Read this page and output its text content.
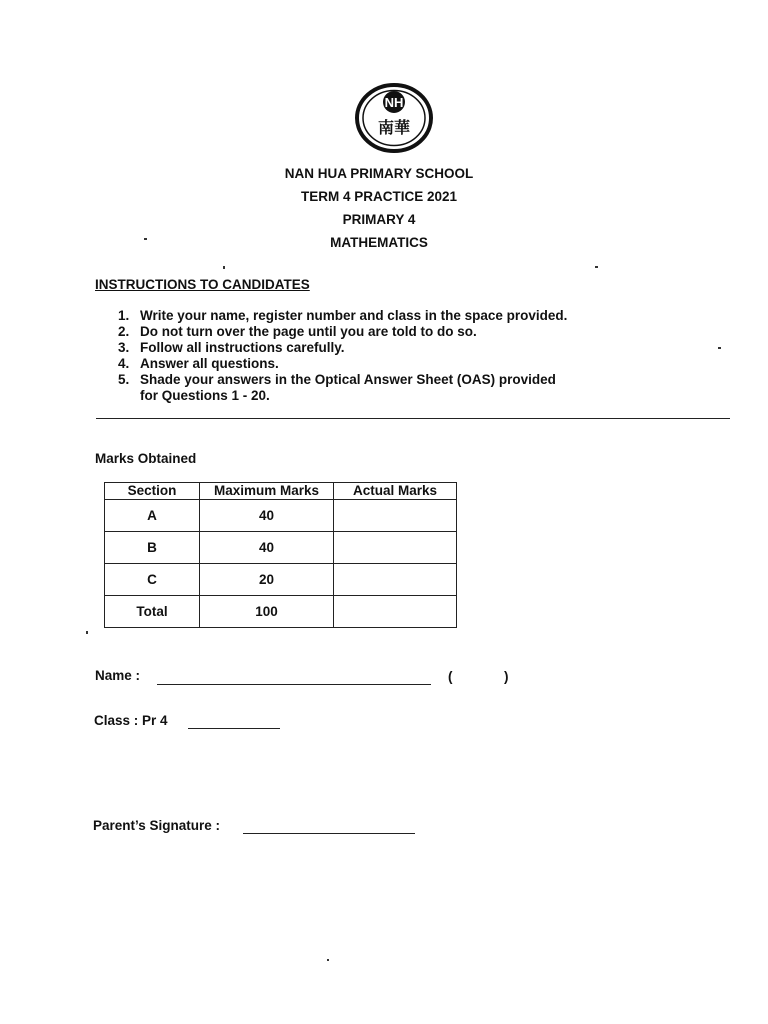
NH
南華
NAN HUA PRIMARY SCHOOL
TERM 4 PRACTICE 2021
PRIMARY 4
MATHEMATICS
INSTRUCTIONS TO CANDIDATES
1. Write your name, register number and class in the space provided.
2. Do not turn over the page until you are told to do so.
3. Follow all instructions carefully.
4. Answer all questions.
5. Shade your answers in the Optical Answer Sheet (OAS) provided
for Questions 1 - 20.
Marks Obtained
Section	Maximum Marks	Actual Marks
A	40	
B	40	
C	20	
Total	100	
Name :	(	)
Class : Pr 4
Parent’s Signature :
